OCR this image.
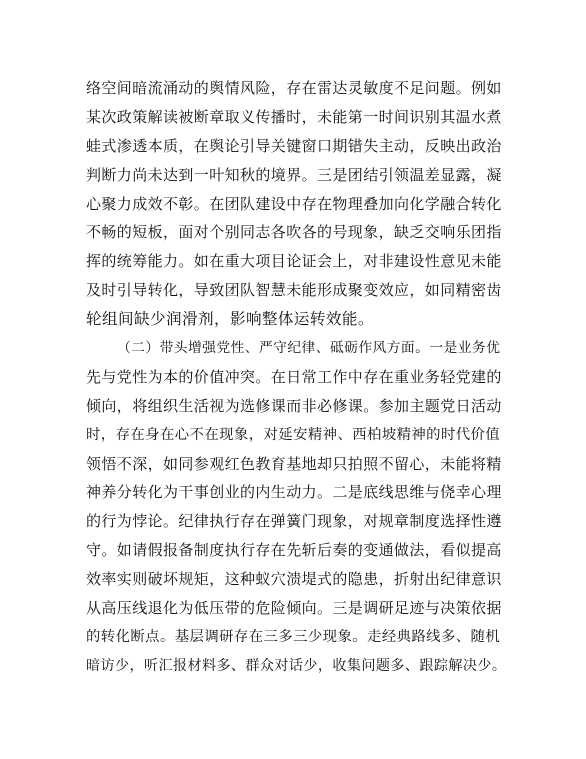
络空间暗流涌动的舆情风险，存在雷达灵敏度不足问题。例如
某次政策解读被断章取义传播时，未能第一时间识别其温水煮
蛙式渗透本质，在舆论引导关键窗口期错失主动，反映出政治
判断力尚未达到一叶知秋的境界。三是团结引领温差显露，凝
心聚力成效不彰。在团队建设中存在物理叠加向化学融合转化
不畅的短板，面对个别同志各吹各的号现象，缺乏交响乐团指
挥的统筹能力。如在重大项目论证会上，对非建设性意见未能
及时引导转化，导致团队智慧未能形成聚变效应，如同精密齿
轮组间缺少润滑剂，影响整体运转效能。
（二）带头增强党性、严守纪律、砥砺作风方面。一是业务优
先与党性为本的价值冲突。在日常工作中存在重业务轻党建的
倾向，将组织生活视为选修课而非必修课。参加主题党日活动
时，存在身在心不在现象，对延安精神、西柏坡精神的时代价值
领悟不深，如同参观红色教育基地却只拍照不留心，未能将精
神养分转化为干事创业的内生动力。二是底线思维与侥幸心理
的行为悖论。纪律执行存在弹簧门现象，对规章制度选择性遵
守。如请假报备制度执行存在先斩后奏的变通做法，看似提高
效率实则破坏规矩，这种蚁穴溃堤式的隐患，折射出纪律意识
从高压线退化为低压带的危险倾向。三是调研足迹与决策依据
的转化断点。基层调研存在三多三少现象。走经典路线多、随机
暗访少，听汇报材料多、群众对话少，收集问题多、跟踪解决少。
